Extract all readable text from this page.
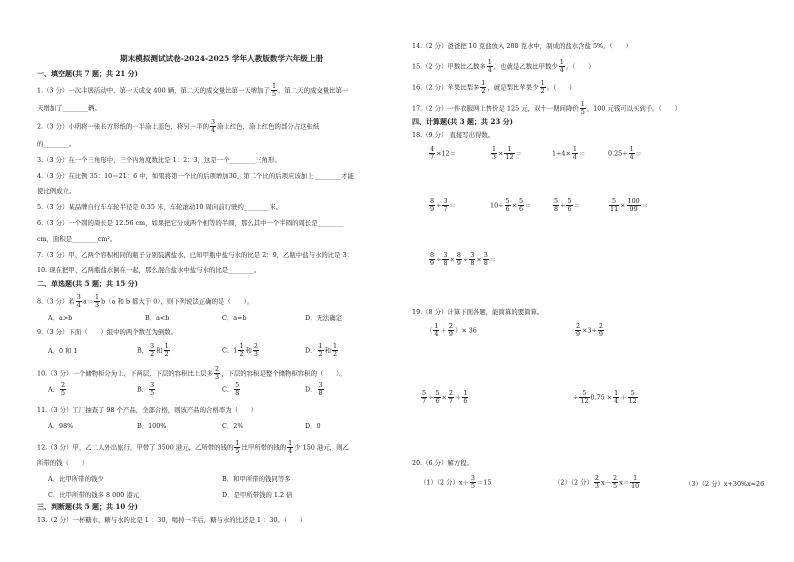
期末模拟测试试卷-2024-2025 学年人教版数学六年级上册
一、填空题(共 7 题；共 21 分)
1.（3 分）一次丰展活动中，第一天成交 400 辆，第二天的成交量比第一天增加了 $\frac{1}{5}$ ，第二天的成交量比第一
天增加了________辆。
2.（3 分）小明将一张长方形纸的一半涂上蓝色，将另一半的 $\frac{3}{4}$ 涂上红色，涂上红色的部分占这张纸
的________。
3.（3 分）在一个三角形中，三个内角度数比是 1：2：3，这是一个________三角形。
4.（3 分）在比例 35：10＝21：6 中，如果将第一个比的后项增加30，第二个比的后项应该加上 ________才能
使比例成立。
5.（3 分）某品牌自行车车轮半径是 0.35 米，车轮滚动10 周向前行驶约________米。
6.（3 分）一个圆的周长是 12.56 cm，如果把它分成两个相等的半圆，那么其中一个半圆的周长是________
cm，面积是________cm²。
7.（3 分）甲、乙两个容积相同的瓶子分别装满盐水，已知甲瓶中盐与水的比是 2：9，乙瓶中盐与水的比是 3：
10. 现在把甲、乙两瓶盐水倒在一起，那么混合盐水中盐与水的比是________。
二、单选题(共 5 题；共 15 分)
8.（3 分）若 $\frac{3}{4} a= \frac{1}{3} b(a$ 和 b 都大于 0），则下列说法正确的是（　　）。
A．a>b	B．a<b	C．a=b	D．无法确定
9.（3 分）下面（　　）组中的两个数互为倒数。
A．0 和 1	B． $\frac{3}{2}$ 和 $\frac{1}{2}$	C．$1 \frac{1}{2}$ 和 $\frac{2}{3}$	D． $\frac{1}{2}$ 和 $\frac{1}{2}$
10.（3 分）一个储物柜分为上、下两层，下层的容积比上层多 $\frac{2}{3}$ ，下层的容积是整个储物柜容积的（　　）。
A． $\frac{2}{5}$	B． $\frac{3}{5}$	C． $\frac{5}{8}$	D． $\frac{3}{8}$
11.（3 分）工厂抽查了 98 个产品，全部合格，则该产品的合格率为（　　）
A．98%	B．100%	C．2%	D．0
12.（3 分）甲、乙二人外出旅行，甲带了 3500 港元，乙所带的钱的 $\frac{1}{5}$ 比甲所带的钱的 $\frac{1}{4}$ 少 150 港元，则乙
所带的钱（　　）
A．比甲所带的钱少	B．和甲所带的钱同等多
C．比甲所带的钱多 8 000 港元	D．是甲所带钱的 1.2 倍
三、判断题(共 5 题；共 10 分)
13.（2 分）一杯糖水，糖与水的比是 1 ：30，喝掉一半后，糖与水的比还是 1 ：30。（　　）
14.（2 分）爸爸把 10 克盐放入 200 克水中，制成的盐水含盐 5%。（　　）
15.（2 分）甲数比乙数多 $\frac{1}{4}$ ，也就是乙数比甲数少 $\frac{1}{4}$ 。（　　）
16.（2 分）苹果比梨多 $\frac{1}{2}$ ，就是梨比苹果少 $\frac{1}{2}$ 。（　　）
17.（2 分）一件衣服网上售价是 125 元，双十一期间降价 $\frac{1}{5}$ ，100 元钱可以买到手。（　　）
四、计算题(共 3 题；共 23 分)
18.（9 分） 直接写出得数。
$\frac{4}{7} \times 12=$	$\frac{1}{3} \times \frac{1}{12}$ ＝	$1\div 4\times \frac{1}{4}$ ＝	$0.25\div \frac{1}{4}$ ＝
$\frac{8}{9} \div \frac{3}{7}$ ＝	$10\div \frac{5}{6} \times \frac{5}{6}$ ＝	$\frac{5}{8} \div \frac{5}{6}$ ＝	$\frac{5}{11} \times \frac{100}{99}$ ＝
$\frac{8}{9} \div \frac{3}{8} \times \frac{8}{9} \div \frac{3}{8} \times \frac{3}{8}$ ＝
19.（8 分）计算下面各题，能简算的要简算。
（ $\frac{1}{4} + \frac{2}{9}$ ）× 36	$\frac{2}{9} \times 3\div \frac{2}{9}$
$\frac{5}{7} \div \frac{5}{6} \times \frac{2}{7} + \frac{1}{6}$	÷ $\frac{5}{12} 0.75 \times \frac{1}{4} + \frac{5}{12}$
20.（6 分）解方程。
（1）（2 分）$x+ \frac{3}{5} =15$	（2）（2 分） $\frac{2}{3} x- \frac{2}{5} x= \frac{1}{10}$	（3）（2 分）x+30%x=26
